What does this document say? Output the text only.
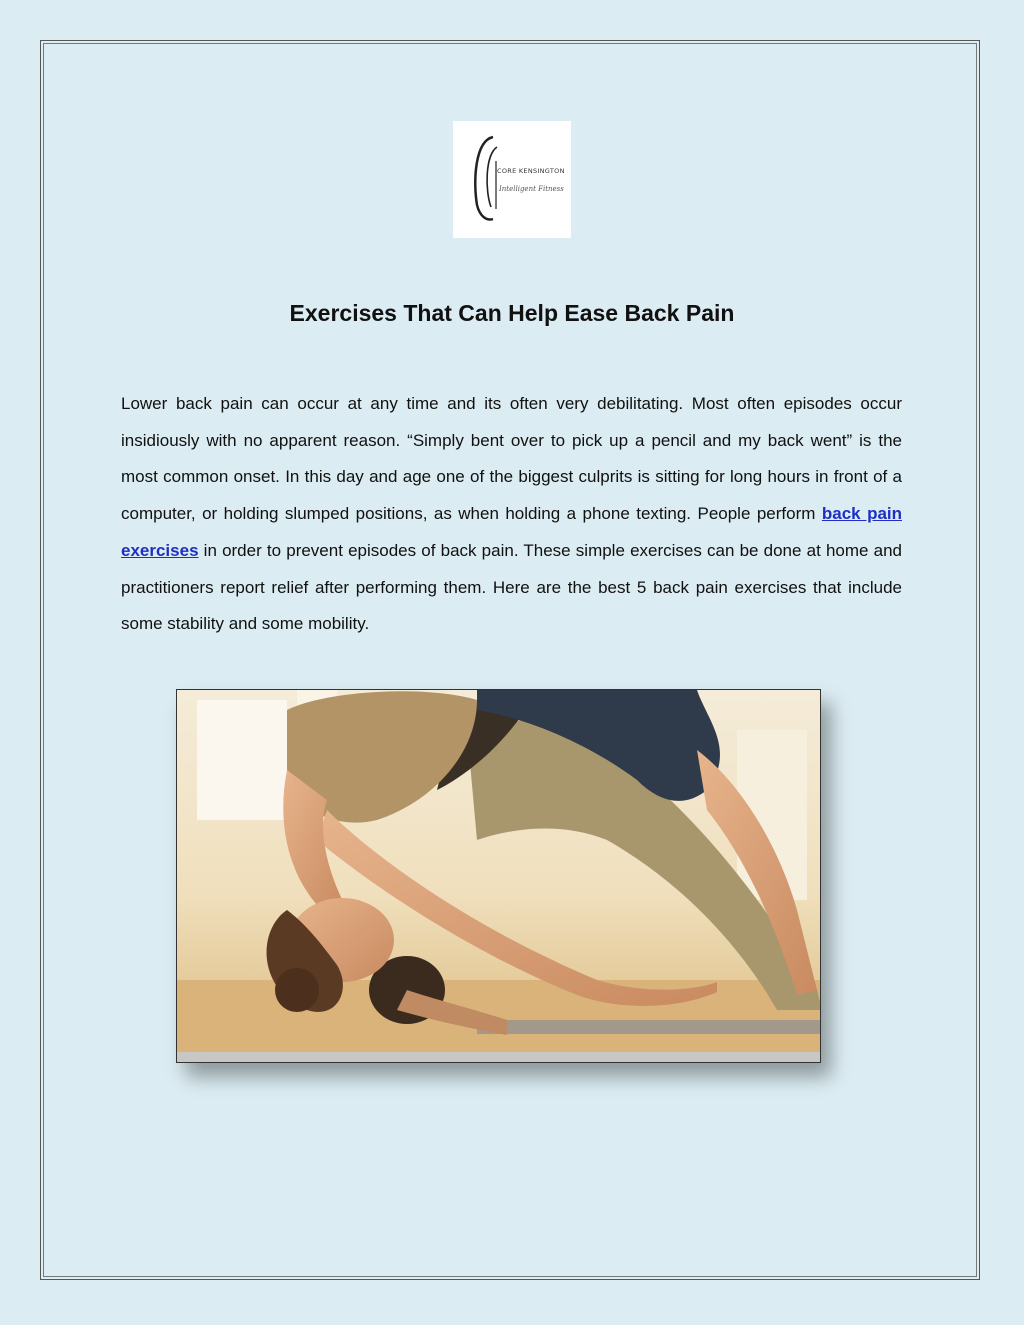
CORE KENSINGTON
Intelligent Fitness
Exercises That Can Help Ease Back Pain

Lower back pain can occur at any time and its often very debilitating. Most often episodes occur insidiously with no apparent reason. “Simply bent over to pick up a pencil and my back went” is the most common onset. In this day and age one of the biggest culprits is sitting for long hours in front of a computer, or holding slumped positions, as when holding a phone texting. People perform back pain exercises in order to prevent episodes of back pain. These simple exercises can be done at home and practitioners report relief after performing them. Here are the best 5 back pain exercises that include some stability and some mobility.
